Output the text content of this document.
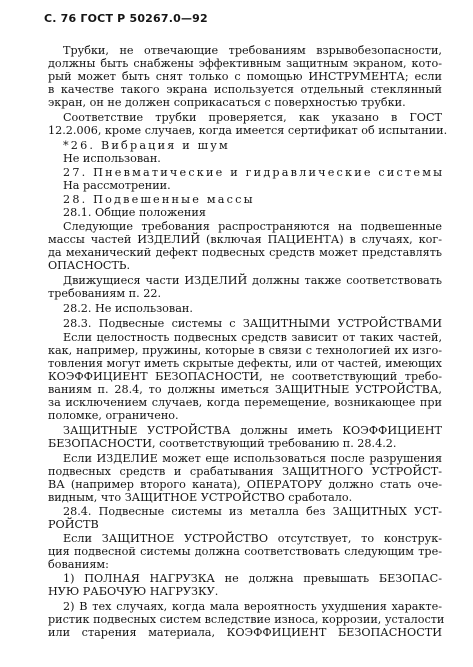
С. 76 ГОСТ Р 50267.0—92
Трубки, не отвечающие требованиям взрывобезопасности,
должны быть снабжены эффективным защитным экраном, кото-
рый может быть снят только с помощью ИНСТРУМЕНТА; если
в качестве такого экрана используется отдельный стеклянный
экран, он не должен соприкасаться с поверхностью трубки.
Соответствие трубки проверяется, как указано в ГОСТ
12.2.006, кроме случаев, когда имеется сертификат об испытании.
*26. Вибрация и шум
Не использован.
27. Пневматические и гидравлические системы
На рассмотрении.
28. Подвешенные массы
28.1. Общие положения
Следующие требования распространяются на подвешенные
массы частей ИЗДЕЛИЙ (включая ПАЦИЕНТА) в случаях, ког-
да механический дефект подвесных средств может представлять
ОПАСНОСТЬ.
Движущиеся части ИЗДЕЛИЙ должны также соответствовать
требованиям п. 22.
28.2. Не использован.
28.3. Подвесные системы с ЗАЩИТНЫМИ УСТРОЙСТВАМИ
Если целостность подвесных средств зависит от таких частей,
как, например, пружины, которые в связи с технологией их изго-
товления могут иметь скрытые дефекты, или от частей, имеющих
КОЭФФИЦИЕНТ БЕЗОПАСНОСТИ, не соответствующий требо-
ваниям п. 28.4, то должны иметься ЗАЩИТНЫЕ УСТРОЙСТВА,
за исключением случаев, когда перемещение, возникающее при
поломке, ограничено.
ЗАЩИТНЫЕ УСТРОЙСТВА должны иметь КОЭФФИЦИЕНТ
БЕЗОПАСНОСТИ, соответствующий требованию п. 28.4.2.
Если ИЗДЕЛИЕ может еще использоваться после разрушения
подвесных средств и срабатывания ЗАЩИТНОГО УСТРОЙСТ-
ВА (например второго каната), ОПЕРАТОРУ должно стать оче-
видным, что ЗАЩИТНОЕ УСТРОЙСТВО сработало.
28.4. Подвесные системы из металла без ЗАЩИТНЫХ УСТ-
РОЙСТВ
Если ЗАЩИТНОЕ УСТРОЙСТВО отсутствует, то конструк-
ция подвесной системы должна соответствовать следующим тре-
бованиям:
1) ПОЛНАЯ НАГРУЗКА не должна превышать БЕЗОПАС-
НУЮ РАБОЧУЮ НАГРУЗКУ.
2) В тех случаях, когда мала вероятность ухудшения характе-
ристик подвесных систем вследствие износа, коррозии, усталости
или старения материала, КОЭФФИЦИЕНТ БЕЗОПАСНОСТИ
